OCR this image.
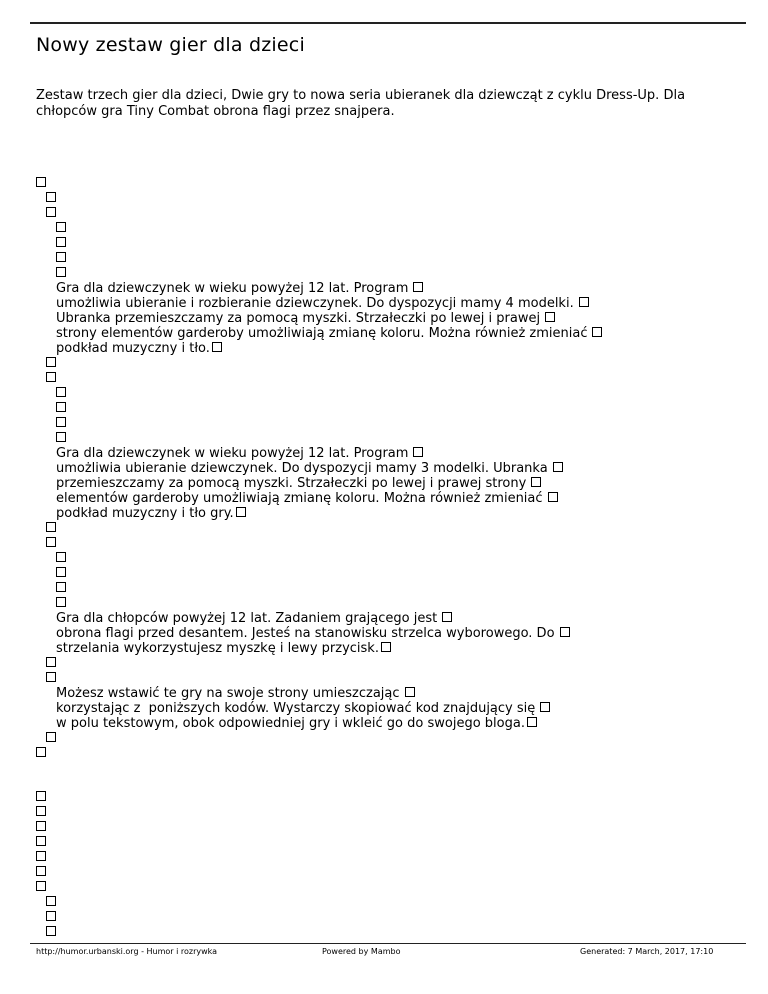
Nowy zestaw gier dla dzieci

Zestaw trzech gier dla dzieci, Dwie gry to nowa seria ubieranek dla dziewcząt z cyklu Dress-Up. Dla chłopców gra Tiny Combat obrona flagi przez snajpera.

Gra dla dziewczynek w wieku powyżej 12 lat. Program
umożliwia ubieranie i rozbieranie dziewczynek. Do dyspozycji mamy 4 modelki.
Ubranka przemieszczamy za pomocą myszki. Strzałeczki po lewej i prawej
strony elementów garderoby umożliwiają zmianę koloru. Można również zmieniać
podkład muzyczny i tło.
Gra dla dziewczynek w wieku powyżej 12 lat. Program
umożliwia ubieranie dziewczynek. Do dyspozycji mamy 3 modelki. Ubranka
przemieszczamy za pomocą myszki. Strzałeczki po lewej i prawej strony
elementów garderoby umożliwiają zmianę koloru. Można również zmieniać
podkład muzyczny i tło gry.
Gra dla chłopców powyżej 12 lat. Zadaniem grającego jest
obrona flagi przed desantem. Jesteś na stanowisku strzelca wyborowego. Do
strzelania wykorzystujesz myszkę i lewy przycisk.
Możesz wstawić te gry na swoje strony umieszczając
korzystając z  poniższych kodów. Wystarczy skopiować kod znajdujący się
w polu tekstowym, obok odpowiedniej gry i wkleić go do swojego bloga.
http://humor.urbanski.org - Humor i rozrywka	Powered by Mambo	Generated: 7 March, 2017, 17:10
